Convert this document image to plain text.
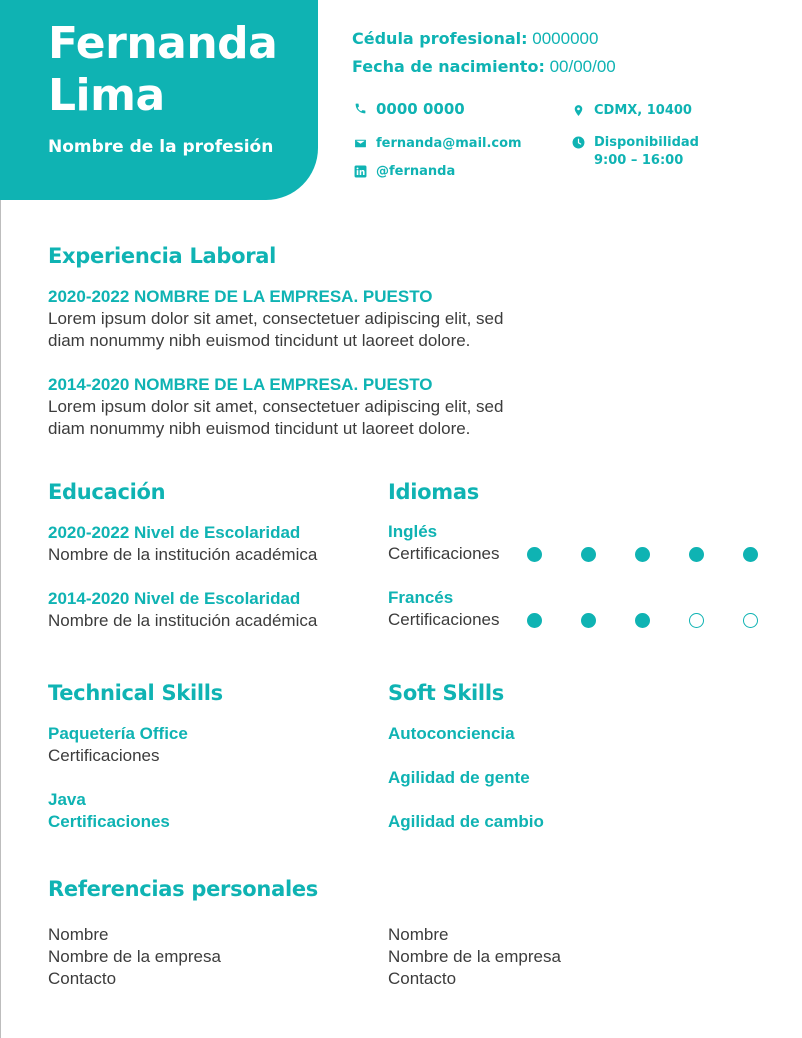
Fernanda
Lima

Nombre de la profesión

Cédula profesional: 0000000
Fecha de nacimiento: 00/00/00
0000 0000
fernanda@mail.com
@fernanda
CDMX, 10400
Disponibilidad
9:00 – 16:00
Experiencia Laboral

2020-2022 NOMBRE DE LA EMPRESA. PUESTO

Lorem ipsum dolor sit amet, consectetuer adipiscing elit, sed

diam nonummy nibh euismod tincidunt ut laoreet dolore.

2014-2020 NOMBRE DE LA EMPRESA. PUESTO

Lorem ipsum dolor sit amet, consectetuer adipiscing elit, sed

diam nonummy nibh euismod tincidunt ut laoreet dolore.

Educación

2020-2022 Nivel de Escolaridad

Nombre de la institución académica

2014-2020 Nivel de Escolaridad

Nombre de la institución académica

Idiomas

Inglés

Certificaciones

Francés

Certificaciones

Technical Skills

Paquetería Office

Certificaciones

Java

Certificaciones

Soft Skills

Autoconciencia

Agilidad de gente

Agilidad de cambio

Referencias personales

Nombre

Nombre de la empresa

Contacto

Nombre

Nombre de la empresa

Contacto
